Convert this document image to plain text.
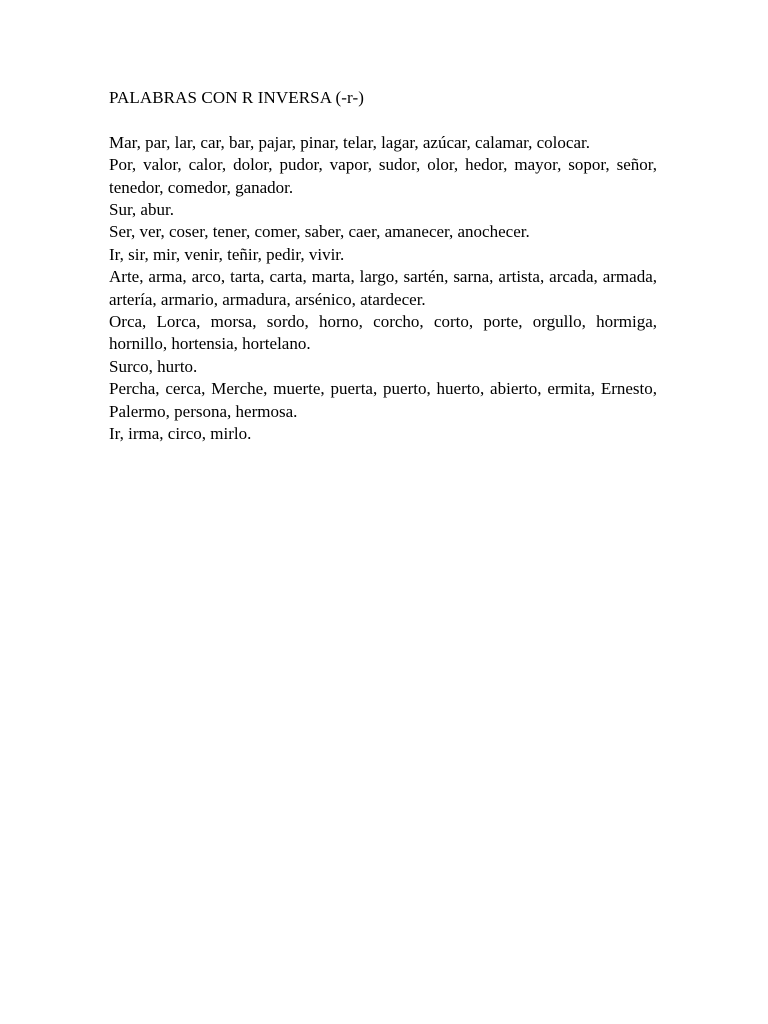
PALABRAS CON R INVERSA (-r-)

Mar, par, lar, car, bar, pajar, pinar, telar, lagar, azúcar, calamar, colocar.

Por, valor, calor, dolor, pudor, vapor, sudor, olor, hedor, mayor, sopor, señor, tenedor, comedor, ganador.

Sur, abur.

Ser, ver, coser, tener, comer, saber, caer, amanecer, anochecer.

Ir, sir, mir, venir, teñir, pedir, vivir.

Arte, arma, arco, tarta, carta, marta, largo, sartén, sarna, artista, arcada, armada, artería, armario, armadura, arsénico, atardecer.

Orca, Lorca, morsa, sordo, horno, corcho, corto, porte, orgullo, hormiga, hornillo, hortensia, hortelano.

Surco, hurto.

Percha, cerca, Merche, muerte, puerta, puerto, huerto, abierto, ermita, Ernesto, Palermo, persona, hermosa.

Ir, irma, circo, mirlo.
